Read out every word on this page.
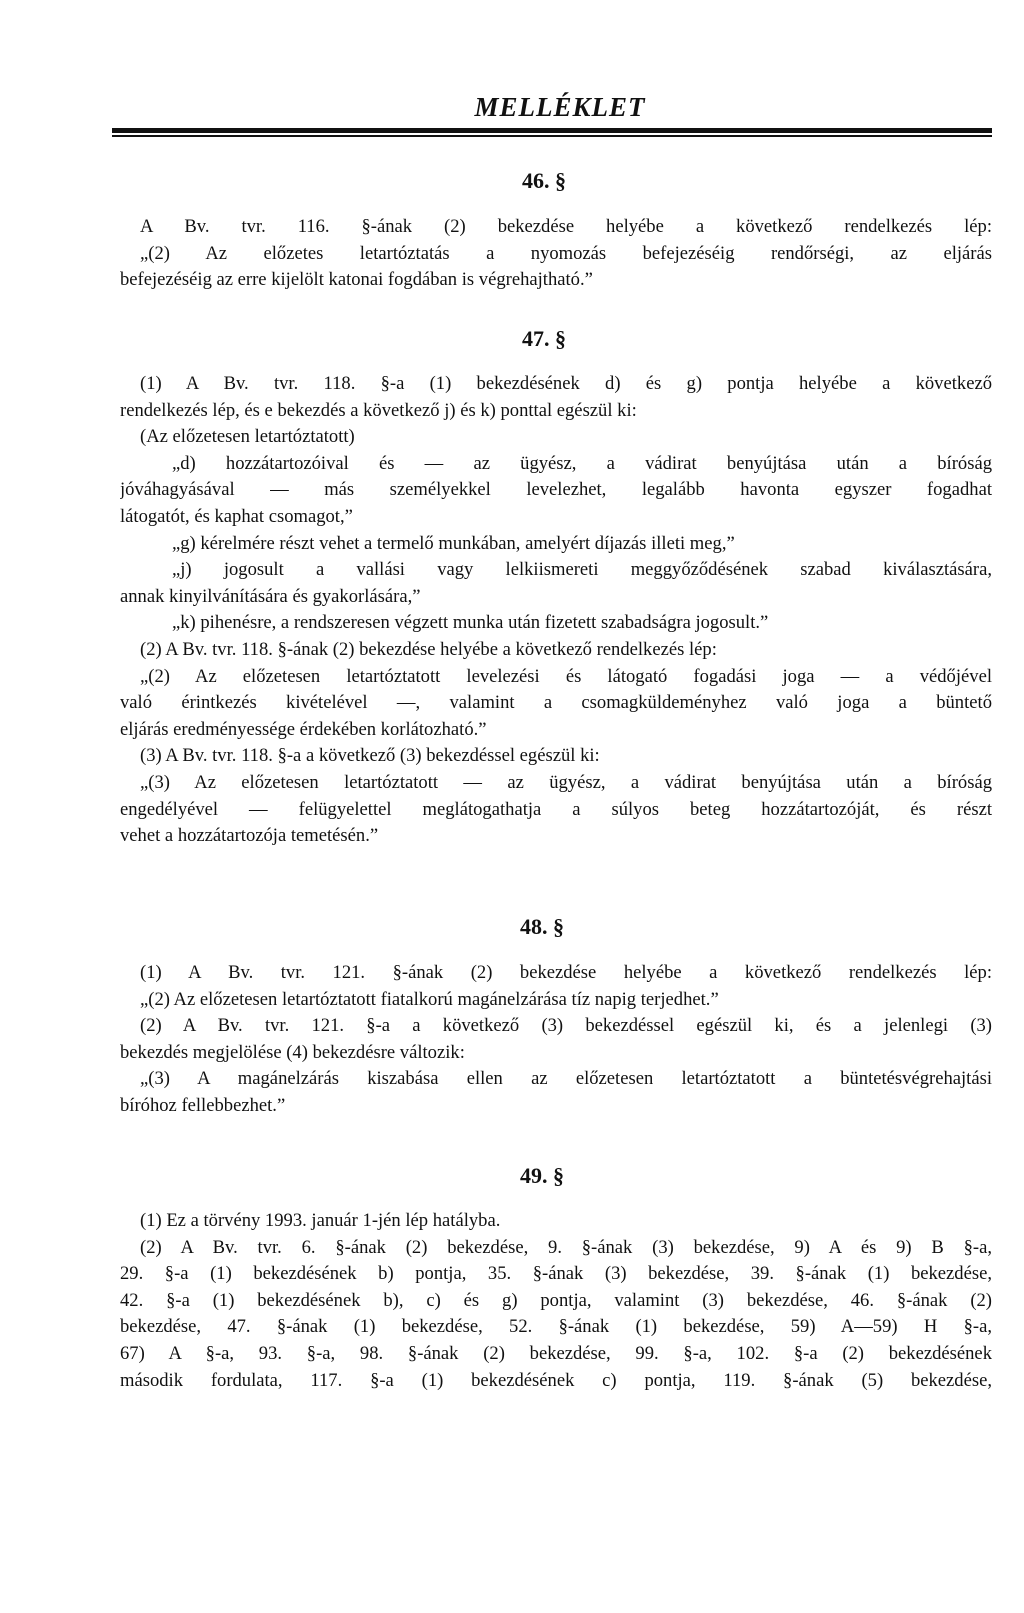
MELLÉKLET
46. §
A Bv. tvr. 116. §-ának (2) bekezdése helyébe a következő rendelkezés lép:
„(2) Az előzetes letartóztatás a nyomozás befejezéséig rendőrségi, az eljárás
befejezéséig az erre kijelölt katonai fogdában is végrehajtható.”
47. §
(1) A Bv. tvr. 118. §-a (1) bekezdésének d) és g) pontja helyébe a következő
rendelkezés lép, és e bekezdés a következő j) és k) ponttal egészül ki:
(Az előzetesen letartóztatott)
„d) hozzátartozóival és — az ügyész, a vádirat benyújtása után a bíróság
jóváhagyásával — más személyekkel levelezhet, legalább havonta egyszer fogadhat
látogatót, és kaphat csomagot,”
„g) kérelmére részt vehet a termelő munkában, amelyért díjazás illeti meg,”
„j) jogosult a vallási vagy lelkiismereti meggyőződésének szabad kiválasztására,
annak kinyilvánítására és gyakorlására,”
„k) pihenésre, a rendszeresen végzett munka után fizetett szabadságra jogosult.”
(2) A Bv. tvr. 118. §-ának (2) bekezdése helyébe a következő rendelkezés lép:
„(2) Az előzetesen letartóztatott levelezési és látogató fogadási joga — a védőjével
való érintkezés kivételével —, valamint a csomagküldeményhez való joga a büntető
eljárás eredményessége érdekében korlátozható.”
(3) A Bv. tvr. 118. §-a a következő (3) bekezdéssel egészül ki:
„(3) Az előzetesen letartóztatott — az ügyész, a vádirat benyújtása után a bíróság
engedélyével — felügyelettel meglátogathatja a súlyos beteg hozzátartozóját, és részt
vehet a hozzátartozója temetésén.”
48. §
(1) A Bv. tvr. 121. §-ának (2) bekezdése helyébe a következő rendelkezés lép:
„(2) Az előzetesen letartóztatott fiatalkorú magánelzárása tíz napig terjedhet.”
(2) A Bv. tvr. 121. §-a a következő (3) bekezdéssel egészül ki, és a jelenlegi (3)
bekezdés megjelölése (4) bekezdésre változik:
„(3) A magánelzárás kiszabása ellen az előzetesen letartóztatott a büntetésvégrehajtási
bíróhoz fellebbezhet.”
49. §
(1) Ez a törvény 1993. január 1-jén lép hatályba.
(2) A Bv. tvr. 6. §-ának (2) bekezdése, 9. §-ának (3) bekezdése, 9) A és 9) B §-a,
29. §-a (1) bekezdésének b) pontja, 35. §-ának (3) bekezdése, 39. §-ának (1) bekezdése,
42. §-a (1) bekezdésének b), c) és g) pontja, valamint (3) bekezdése, 46. §-ának (2)
bekezdése, 47. §-ának (1) bekezdése, 52. §-ának (1) bekezdése, 59) A—59) H §-a,
67) A §-a, 93. §-a, 98. §-ának (2) bekezdése, 99. §-a, 102. §-a (2) bekezdésének
második fordulata, 117. §-a (1) bekezdésének c) pontja, 119. §-ának (5) bekezdése,
